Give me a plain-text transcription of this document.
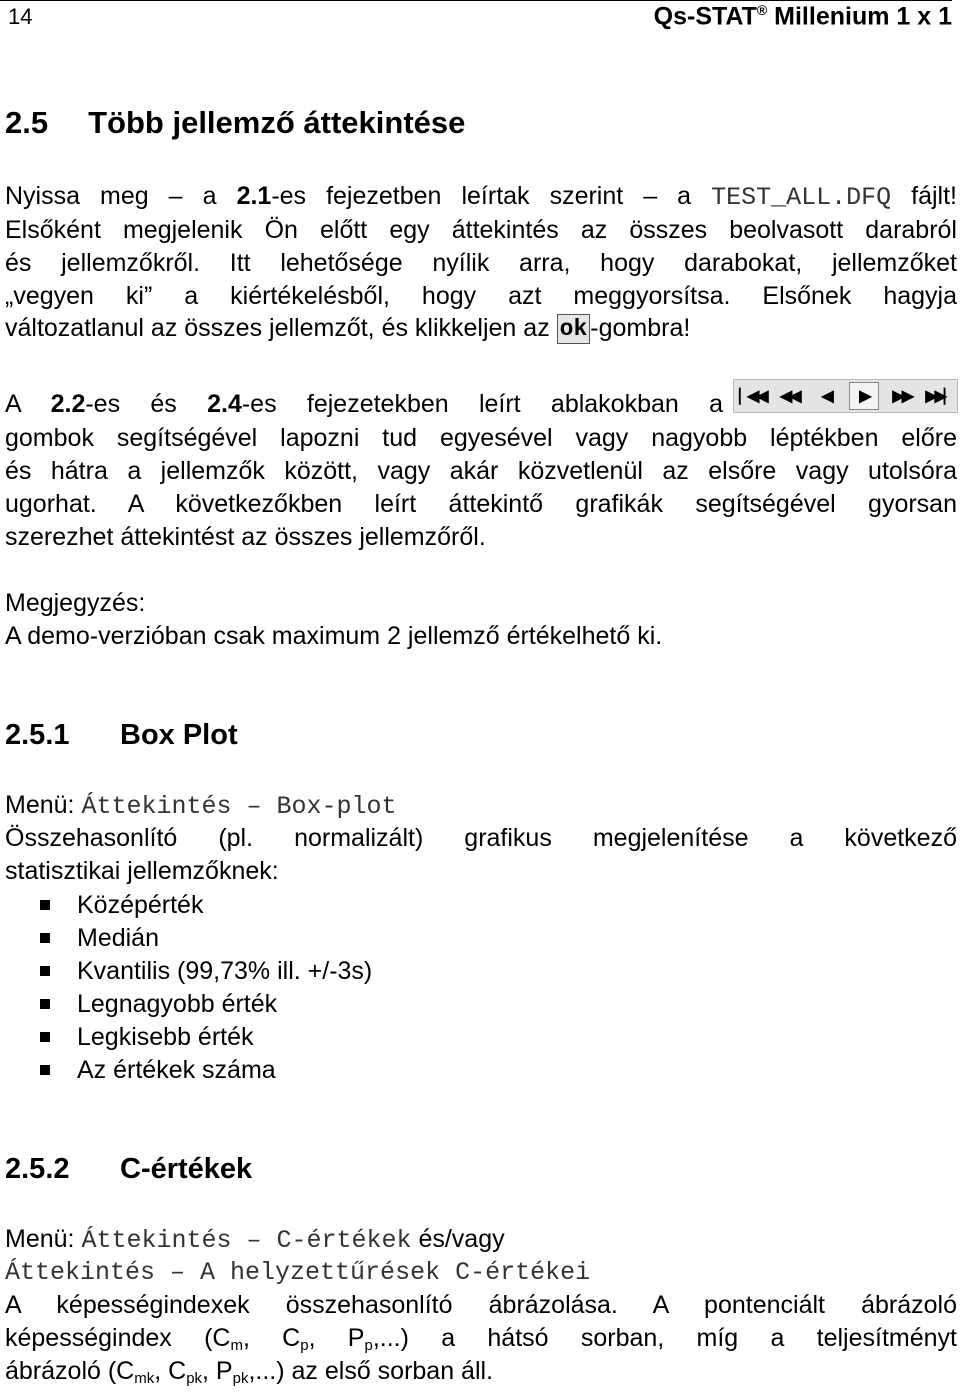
14	Qs-STAT® Millenium 1 x 1
2.5 Több jellemző áttekintése
Nyissa meg – a 2.1-es fejezetben leírtak szerint – a TEST_ALL.DFQ fájlt!
Elsőként megjelenik Ön előtt egy áttekintés az összes beolvasott darabról
és jellemzőkről. Itt lehetősége nyílik arra, hogy darabokat, jellemzőket
„vegyen ki” a kiértékelésből, hogy azt meggyorsítsa. Elsőnek hagyja
változatlanul az összes jellemzőt, és klikkeljen az ok -gombra!
A 2.2-es és 2.4-es fejezetekben leírt ablakokban a ▏ ◀◀ ◀◀	◀	▶	▶▶ ▶▶ ▏
gombok segítségével lapozni tud egyesével vagy nagyobb léptékben előre
és hátra a jellemzők között, vagy akár közvetlenül az elsőre vagy utolsóra
ugorhat. A következőkben leírt áttekintő grafikák segítségével gyorsan
szerezhet áttekintést az összes jellemzőről.
Megjegyzés:
A demo-verzióban csak maximum 2 jellemző értékelhető ki.
2.5.1 Box Plot
Menü: Áttekintés – Box-plot
Összehasonlító (pl. normalizált) grafikus megjelenítése a következő
statisztikai jellemzőknek:
Középérték
Medián
Kvantilis (99,73% ill. +/-3s)
Legnagyobb érték
Legkisebb érték
Az értékek száma
2.5.2 C-értékek
Menü: Áttekintés – C-értékek és/vagy
Áttekintés – A helyzettűrések C-értékei
A képességindexek összehasonlító ábrázolása. A pontenciált ábrázoló
képességindex ($C_m$, $C_p$, $P_p$,...) a hátsó sorban, míg a teljesítményt
ábrázoló ($C_{mk}$, $C_{pk}$, $P_{pk}$,...) az első sorban áll.
